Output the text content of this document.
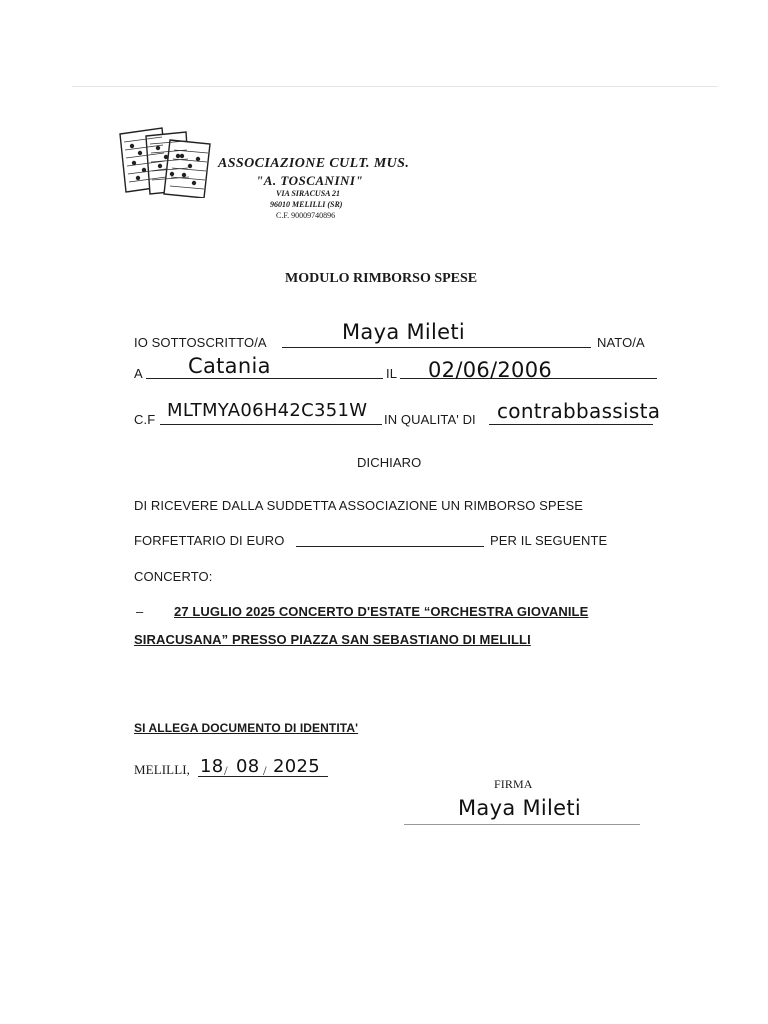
ASSOCIAZIONE CULT. MUS.
"A. TOSCANINI"
VIA SIRACUSA 21
96010 MELILLI (SR)
C.F. 90009740896
MODULO RIMBORSO SPESE
IO SOTTOSCRITTO/A	Maya Mileti	NATO/A
A Catania	IL 02/06/2006
C.F MLTMYA06H42C351W IN QUALITA' DI contrabbassista
DICHIARO
DI RICEVERE DALLA SUDDETTA ASSOCIAZIONE UN RIMBORSO SPESE
FORFETTARIO DI EURO	PER IL SEGUENTE
CONCERTO:
– 27 LUGLIO 2025 CONCERTO D'ESTATE “ORCHESTRA GIOVANILE
SIRACUSANA” PRESSO PIAZZA SAN SEBASTIANO DI MELILLI
SI ALLEGA DOCUMENTO DI IDENTITA'
MELILLI, 18 / 08 / 2025
FIRMA
Maya Mileti
